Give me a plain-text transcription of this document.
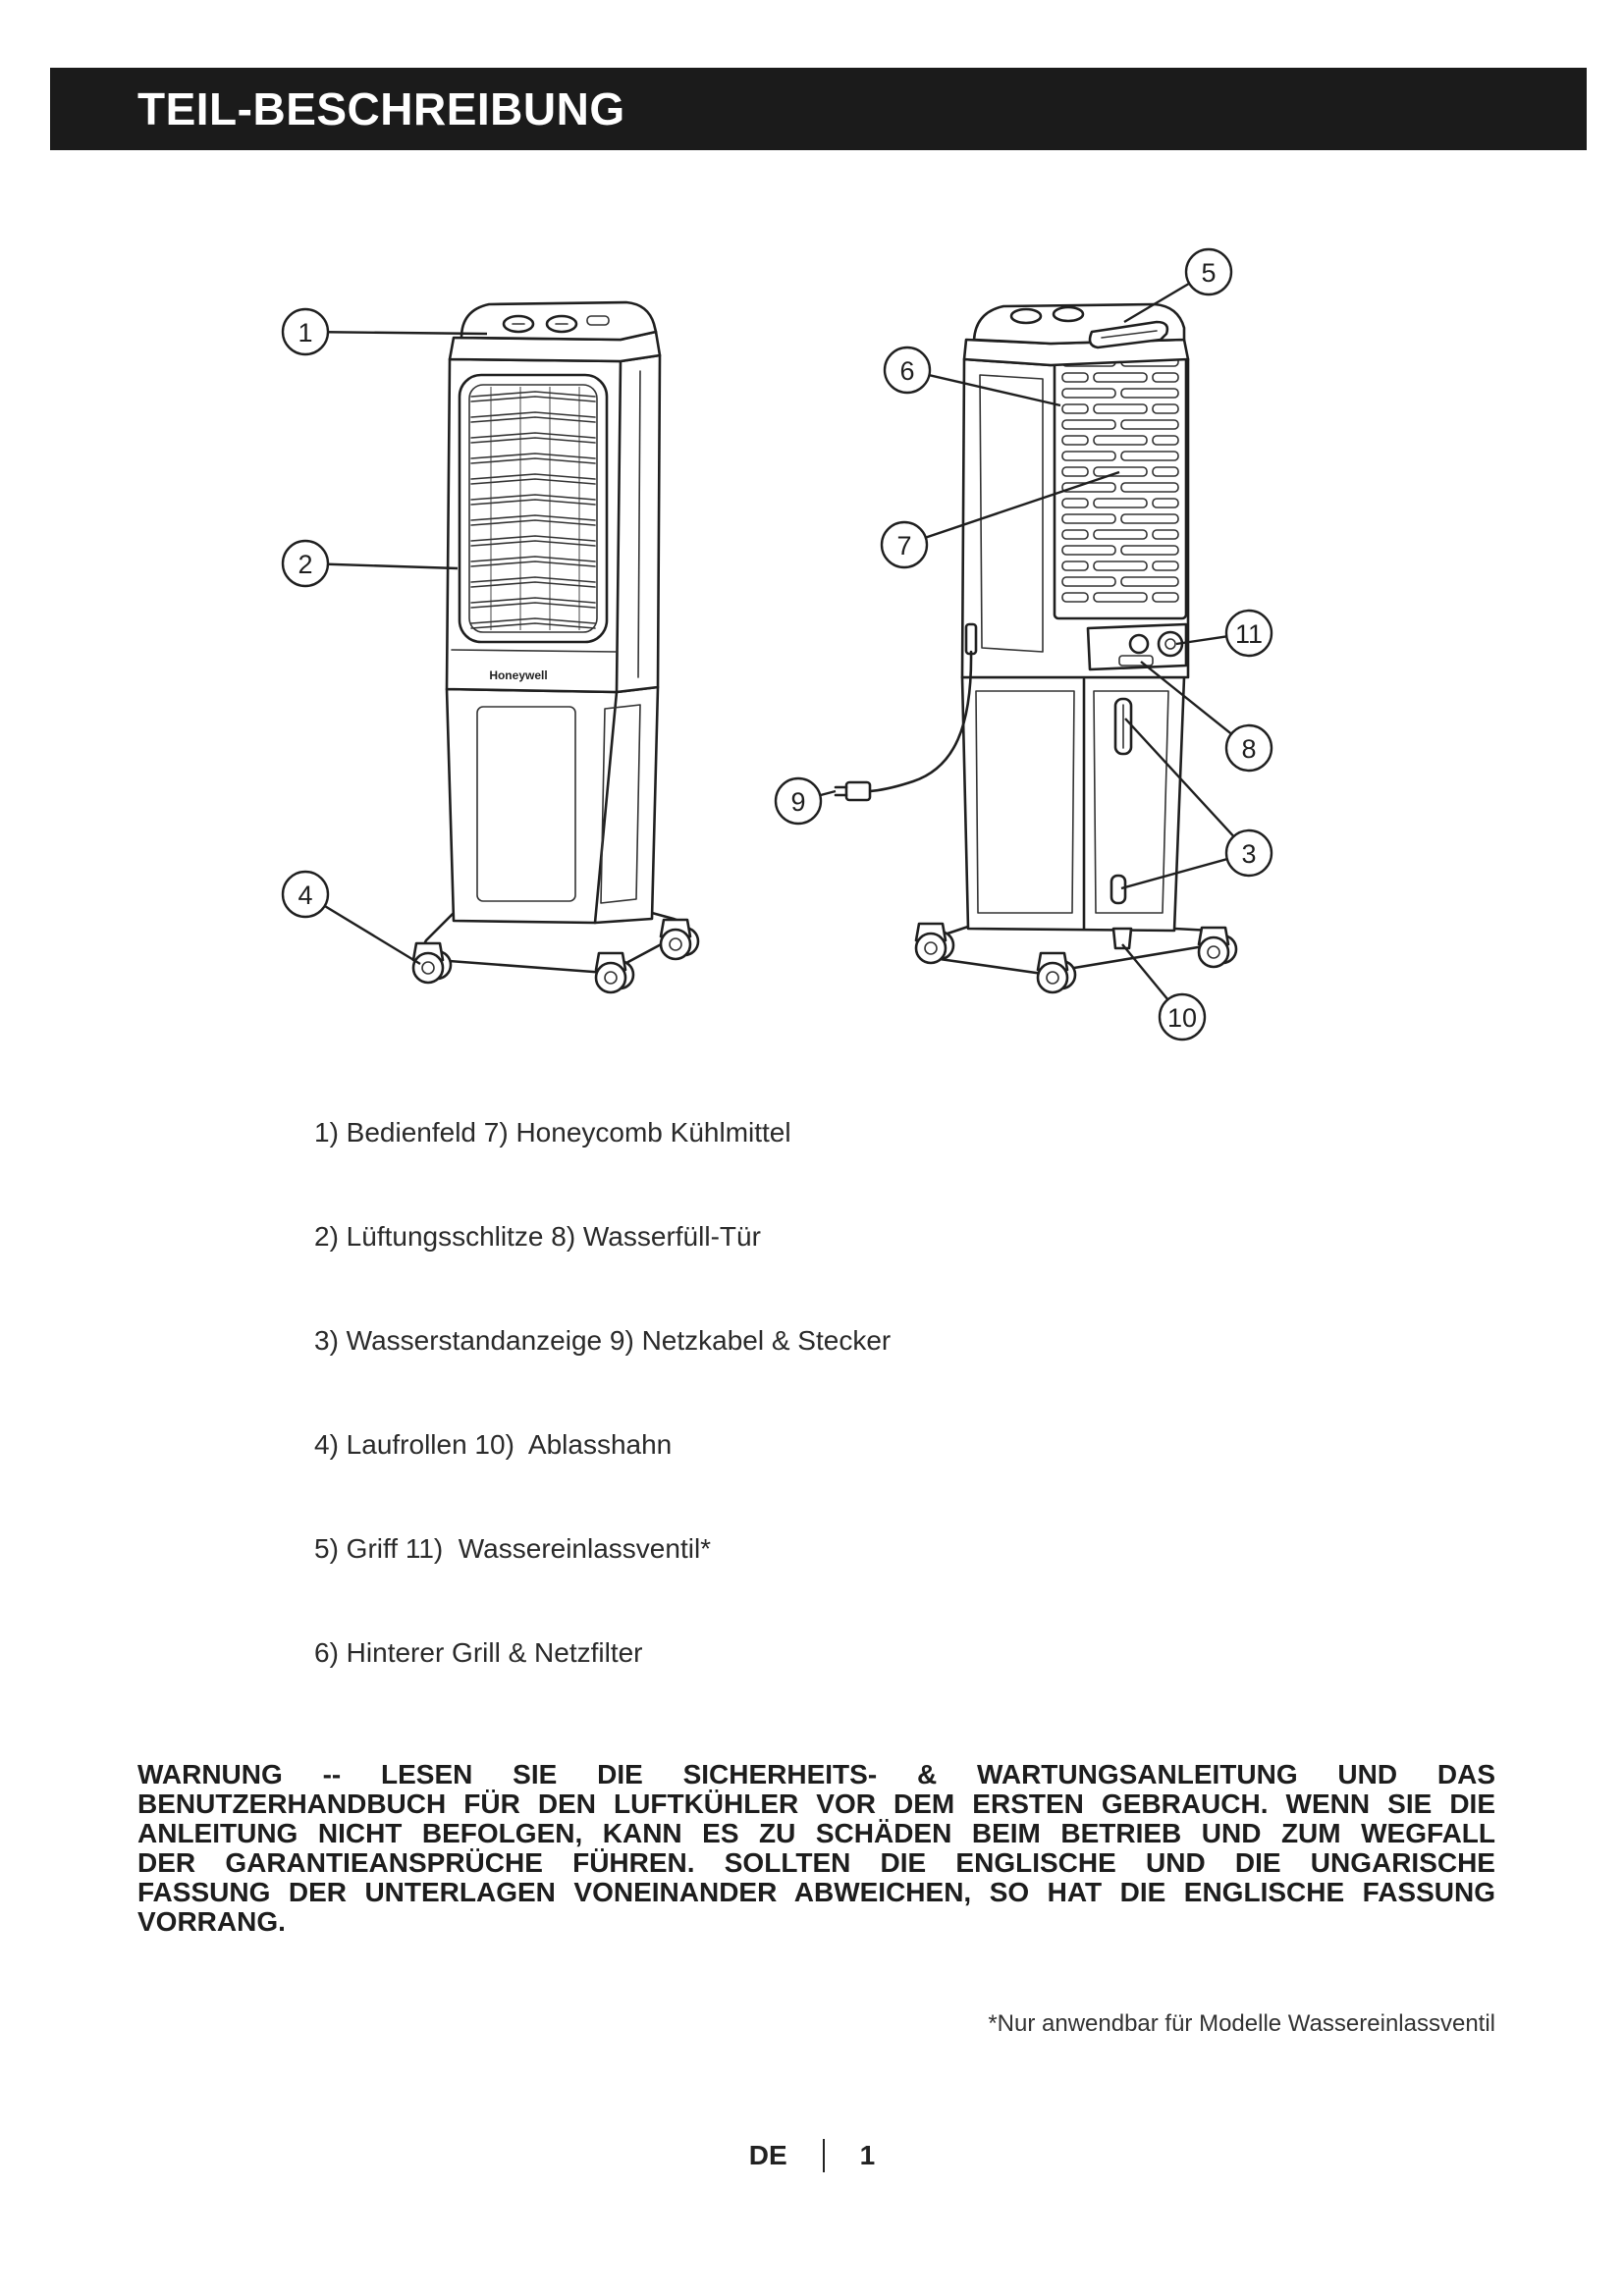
TEIL-BESCHREIBUNG
Honeywell
1
2
4
5
6
7
11
8
9
3
10
1) Bedienfeld 7) Honeycomb Kühlmittel
2) Lüftungsschlitze 8) Wasserfüll-Tür
3) Wasserstandanzeige 9) Netzkabel & Stecker
4) Laufrollen 10)  Ablasshahn
5) Griff 11)  Wassereinlassventil*
6) Hinterer Grill & Netzfilter
WARNUNG -- LESEN SIE DIE SICHERHEITS- & WARTUNGSANLEITUNG UND DAS
BENUTZERHANDBUCH FÜR DEN LUFTKÜHLER VOR DEM ERSTEN GEBRAUCH. WENN SIE DIE
ANLEITUNG NICHT BEFOLGEN, KANN ES ZU SCHÄDEN BEIM BETRIEB UND ZUM WEGFALL
DER GARANTIEANSPRÜCHE FÜHREN. SOLLTEN DIE ENGLISCHE UND DIE UNGARISCHE
FASSUNG DER UNTERLAGEN VONEINANDER ABWEICHEN, SO HAT DIE ENGLISCHE FASSUNG
VORRANG.
*Nur anwendbar für Modelle Wassereinlassventil
DE	1
